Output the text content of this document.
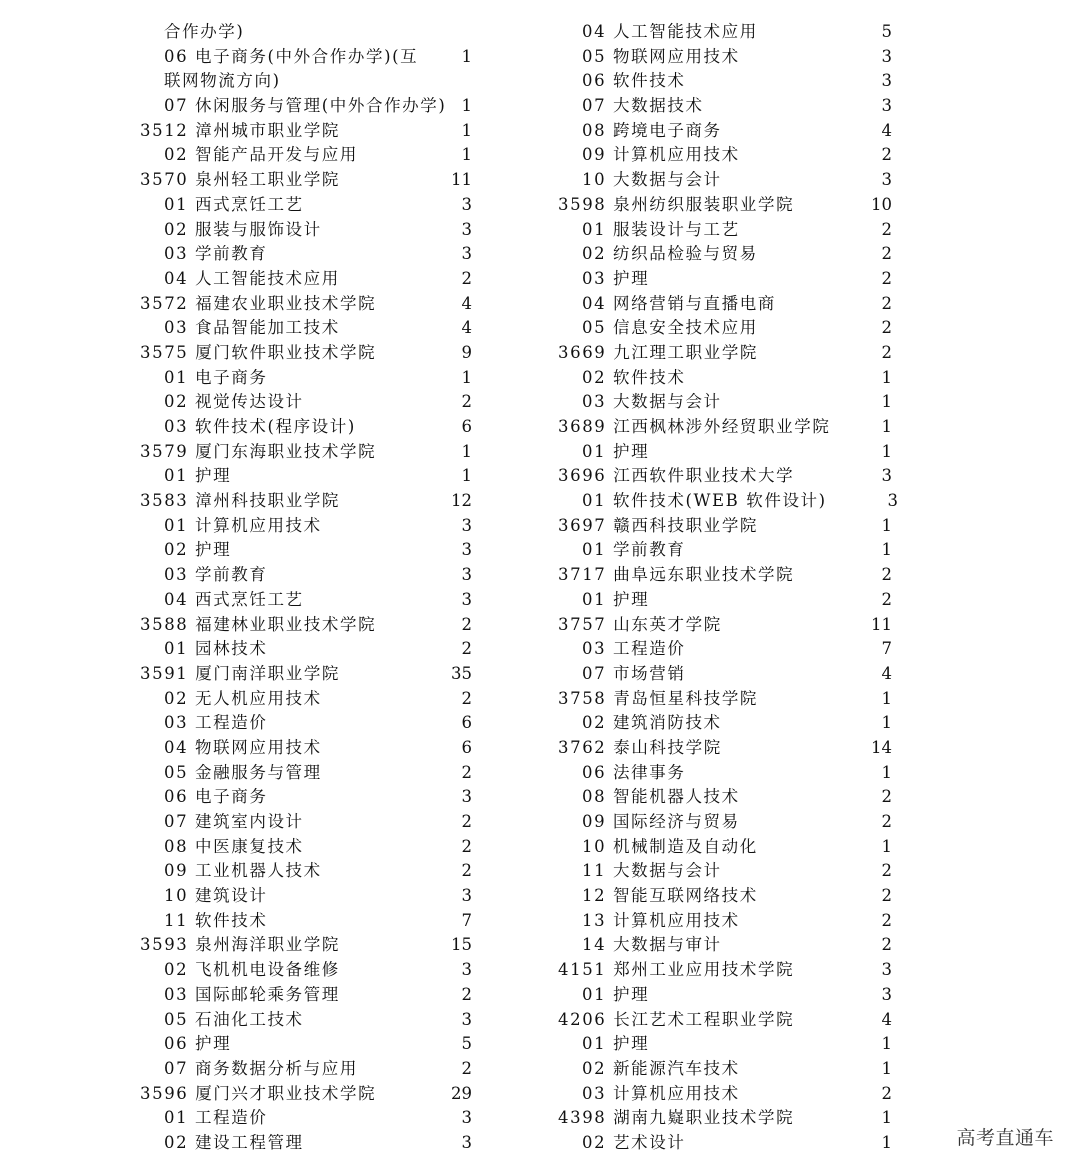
合作办学)
06 电子商务(中外合作办学)(互	1
联网物流方向)
07 休闲服务与管理(中外合作办学) 1
3512 漳州城市职业学院	1
02 智能产品开发与应用	1
3570 泉州轻工职业学院	11
01 西式烹饪工艺	3
02 服装与服饰设计	3
03 学前教育	3
04 人工智能技术应用	2
3572 福建农业职业技术学院	4
03 食品智能加工技术	4
3575 厦门软件职业技术学院	9
01 电子商务	1
02 视觉传达设计	2
03 软件技术(程序设计)	6
3579 厦门东海职业技术学院	1
01 护理	1
3583 漳州科技职业学院	12
01 计算机应用技术	3
02 护理	3
03 学前教育	3
04 西式烹饪工艺	3
3588 福建林业职业技术学院	2
01 园林技术	2
3591 厦门南洋职业学院	35
02 无人机应用技术	2
03 工程造价	6
04 物联网应用技术	6
05 金融服务与管理	2
06 电子商务	3
07 建筑室内设计	2
08 中医康复技术	2
09 工业机器人技术	2
10 建筑设计	3
11 软件技术	7
3593 泉州海洋职业学院	15
02 飞机机电设备维修	3
03 国际邮轮乘务管理	2
05 石油化工技术	3
06 护理	5
07 商务数据分析与应用	2
3596 厦门兴才职业技术学院	29
01 工程造价	3
02 建设工程管理	3
04 人工智能技术应用	5
05 物联网应用技术	3
06 软件技术	3
07 大数据技术	3
08 跨境电子商务	4
09 计算机应用技术	2
10 大数据与会计	3
3598 泉州纺织服装职业学院	10
01 服装设计与工艺	2
02 纺织品检验与贸易	2
03 护理	2
04 网络营销与直播电商	2
05 信息安全技术应用	2
3669 九江理工职业学院	2
02 软件技术	1
03 大数据与会计	1
3689 江西枫林涉外经贸职业学院	1
01 护理	1
3696 江西软件职业技术大学	3
01 软件技术(WEB 软件设计)	3
3697 赣西科技职业学院	1
01 学前教育	1
3717 曲阜远东职业技术学院	2
01 护理	2
3757 山东英才学院	11
03 工程造价	7
07 市场营销	4
3758 青岛恒星科技学院	1
02 建筑消防技术	1
3762 泰山科技学院	14
06 法律事务	1
08 智能机器人技术	2
09 国际经济与贸易	2
10 机械制造及自动化	1
11 大数据与会计	2
12 智能互联网络技术	2
13 计算机应用技术	2
14 大数据与审计	2
4151 郑州工业应用技术学院	3
01 护理	3
4206 长江艺术工程职业学院	4
01 护理	1
02 新能源汽车技术	1
03 计算机应用技术	2
4398 湖南九嶷职业技术学院	1
02 艺术设计	1	高考直通车
